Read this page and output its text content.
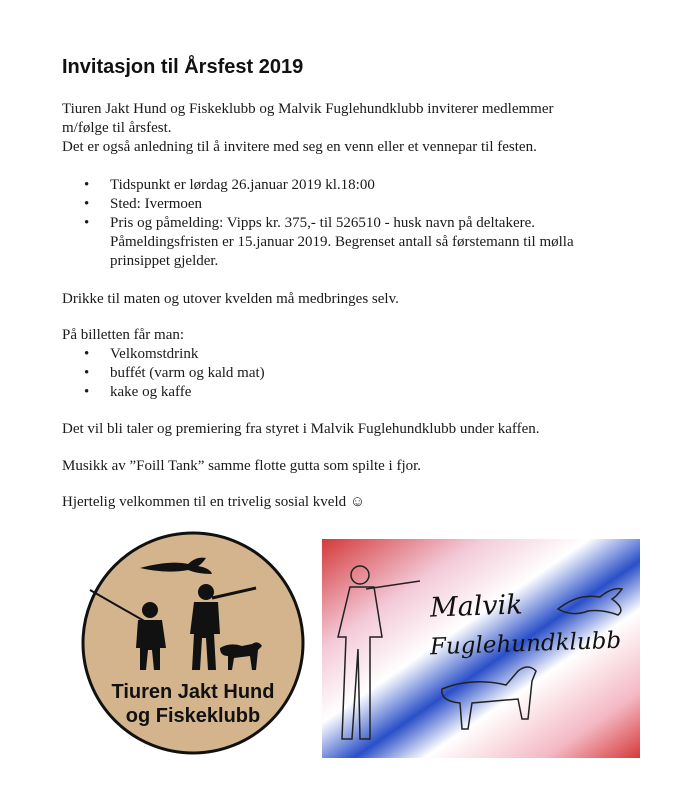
Invitasjon til Årsfest 2019

Tiuren Jakt Hund og Fiskeklubb og Malvik Fuglehundklubb inviterer medlemmer
m/følge til årsfest.
Det er også anledning til å invitere med seg en venn eller et vennepar til festen.

• Tidspunkt er lørdag 26.januar 2019 kl.18:00
• Sted: Ivermoen
• Pris og påmelding: Vipps kr. 375,- til 526510 - husk navn på deltakere.
Påmeldingsfristen er 15.januar 2019. Begrenset antall så førstemann til mølla
prinsippet gjelder.

Drikke til maten og utover kvelden må medbringes selv.

På billetten får man:

• Velkomstdrink
• buffét (varm og kald mat)
• kake og kaffe

Det vil bli taler og premiering fra styret i Malvik Fuglehundklubb under kaffen.

Musikk av ”Foill Tank” samme flotte gutta som spilte i fjor.

Hjertelig velkommen til en trivelig sosial kveld ☺

Tiuren Jakt Hund
og Fiskeklubb

Malvik

Fuglehundklubb
